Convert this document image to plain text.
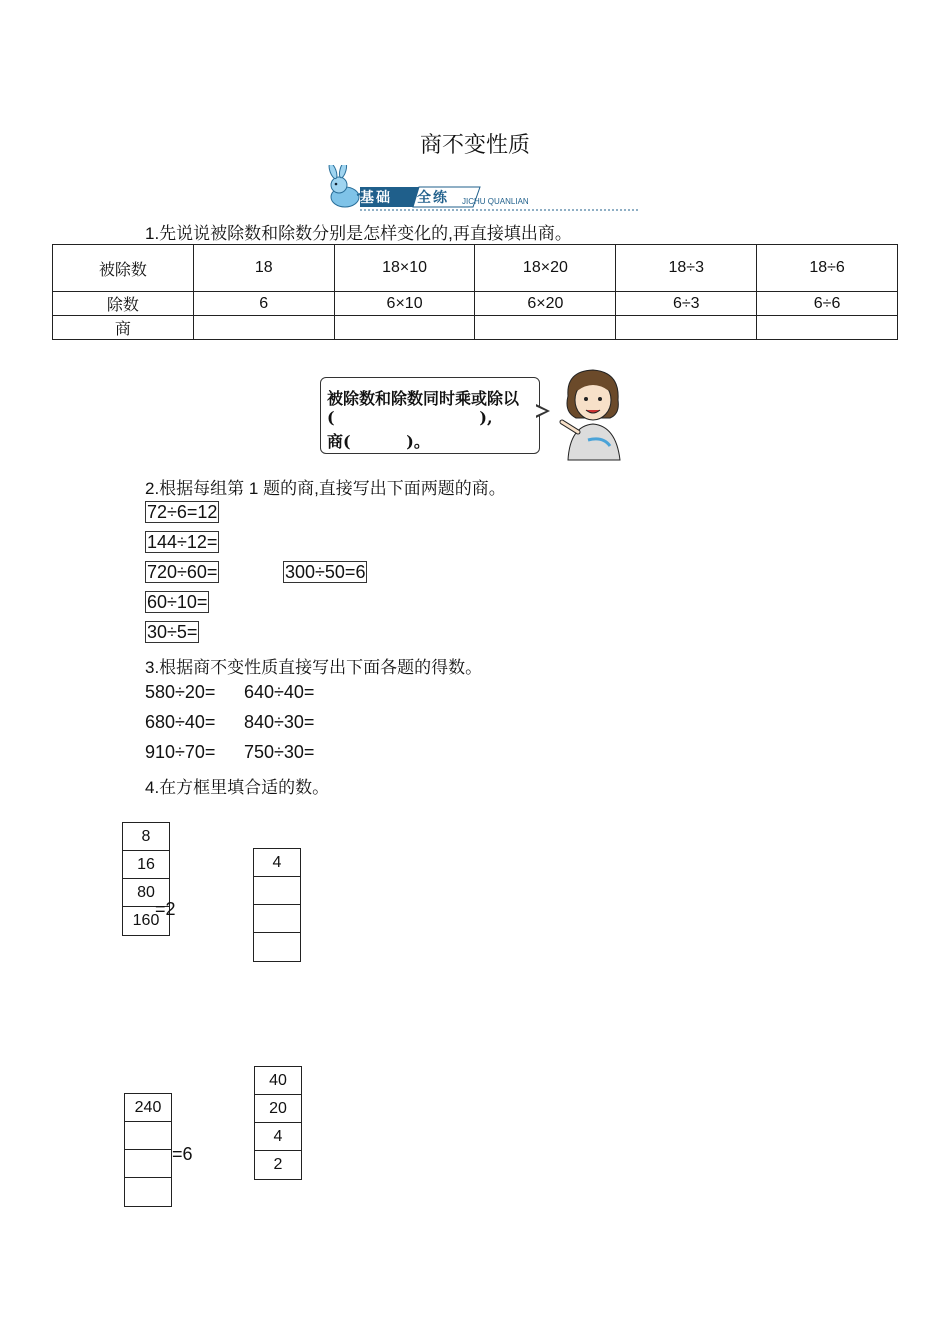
商不变性质
基础 全练 JICHU QUANLIAN
1.先说说被除数和除数分别是怎样变化的,再直接填出商。
被除数	18	18×10	18×20	18÷3	18÷6
除数	6	6×10	6×20	6÷3	6÷6
商					
被除数和除数同时乘或除以
(                          ),
商(          )。
2.根据每组第 1 题的商,直接写出下面两题的商。
72÷6=12
144÷12=
720÷60=
60÷10=
30÷5=
300÷50=6
3.根据商不变性质直接写出下面各题的得数。
580÷20= 640÷40=
680÷40= 840÷30=
910÷70= 750÷30=
4.在方框里填合适的数。
8
16
80
160
=2
4
240
=6
40
20
4
2
